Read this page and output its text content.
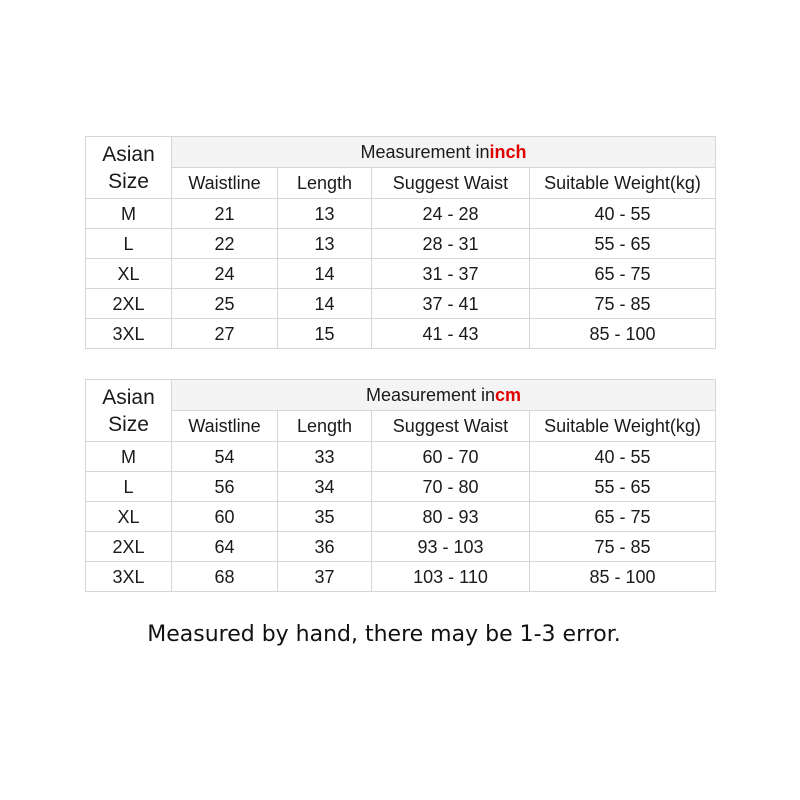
Asian
Size	Measurement ininch			
	Waistline	Length	Suggest Waist	Suitable Weight(kg)
M	21	13	24 - 28	40 - 55
L	22	13	28 - 31	55 - 65
XL	24	14	31 - 37	65 - 75
2XL	25	14	37 - 41	75 - 85
3XL	27	15	41 - 43	85 - 100
Asian
Size	Measurement incm			
	Waistline	Length	Suggest Waist	Suitable Weight(kg)
M	54	33	60 - 70	40 - 55
L	56	34	70 - 80	55 - 65
XL	60	35	80 - 93	65 - 75
2XL	64	36	93 - 103	75 - 85
3XL	68	37	103 - 110	85 - 100
Measured by hand, there may be 1-3 error.
